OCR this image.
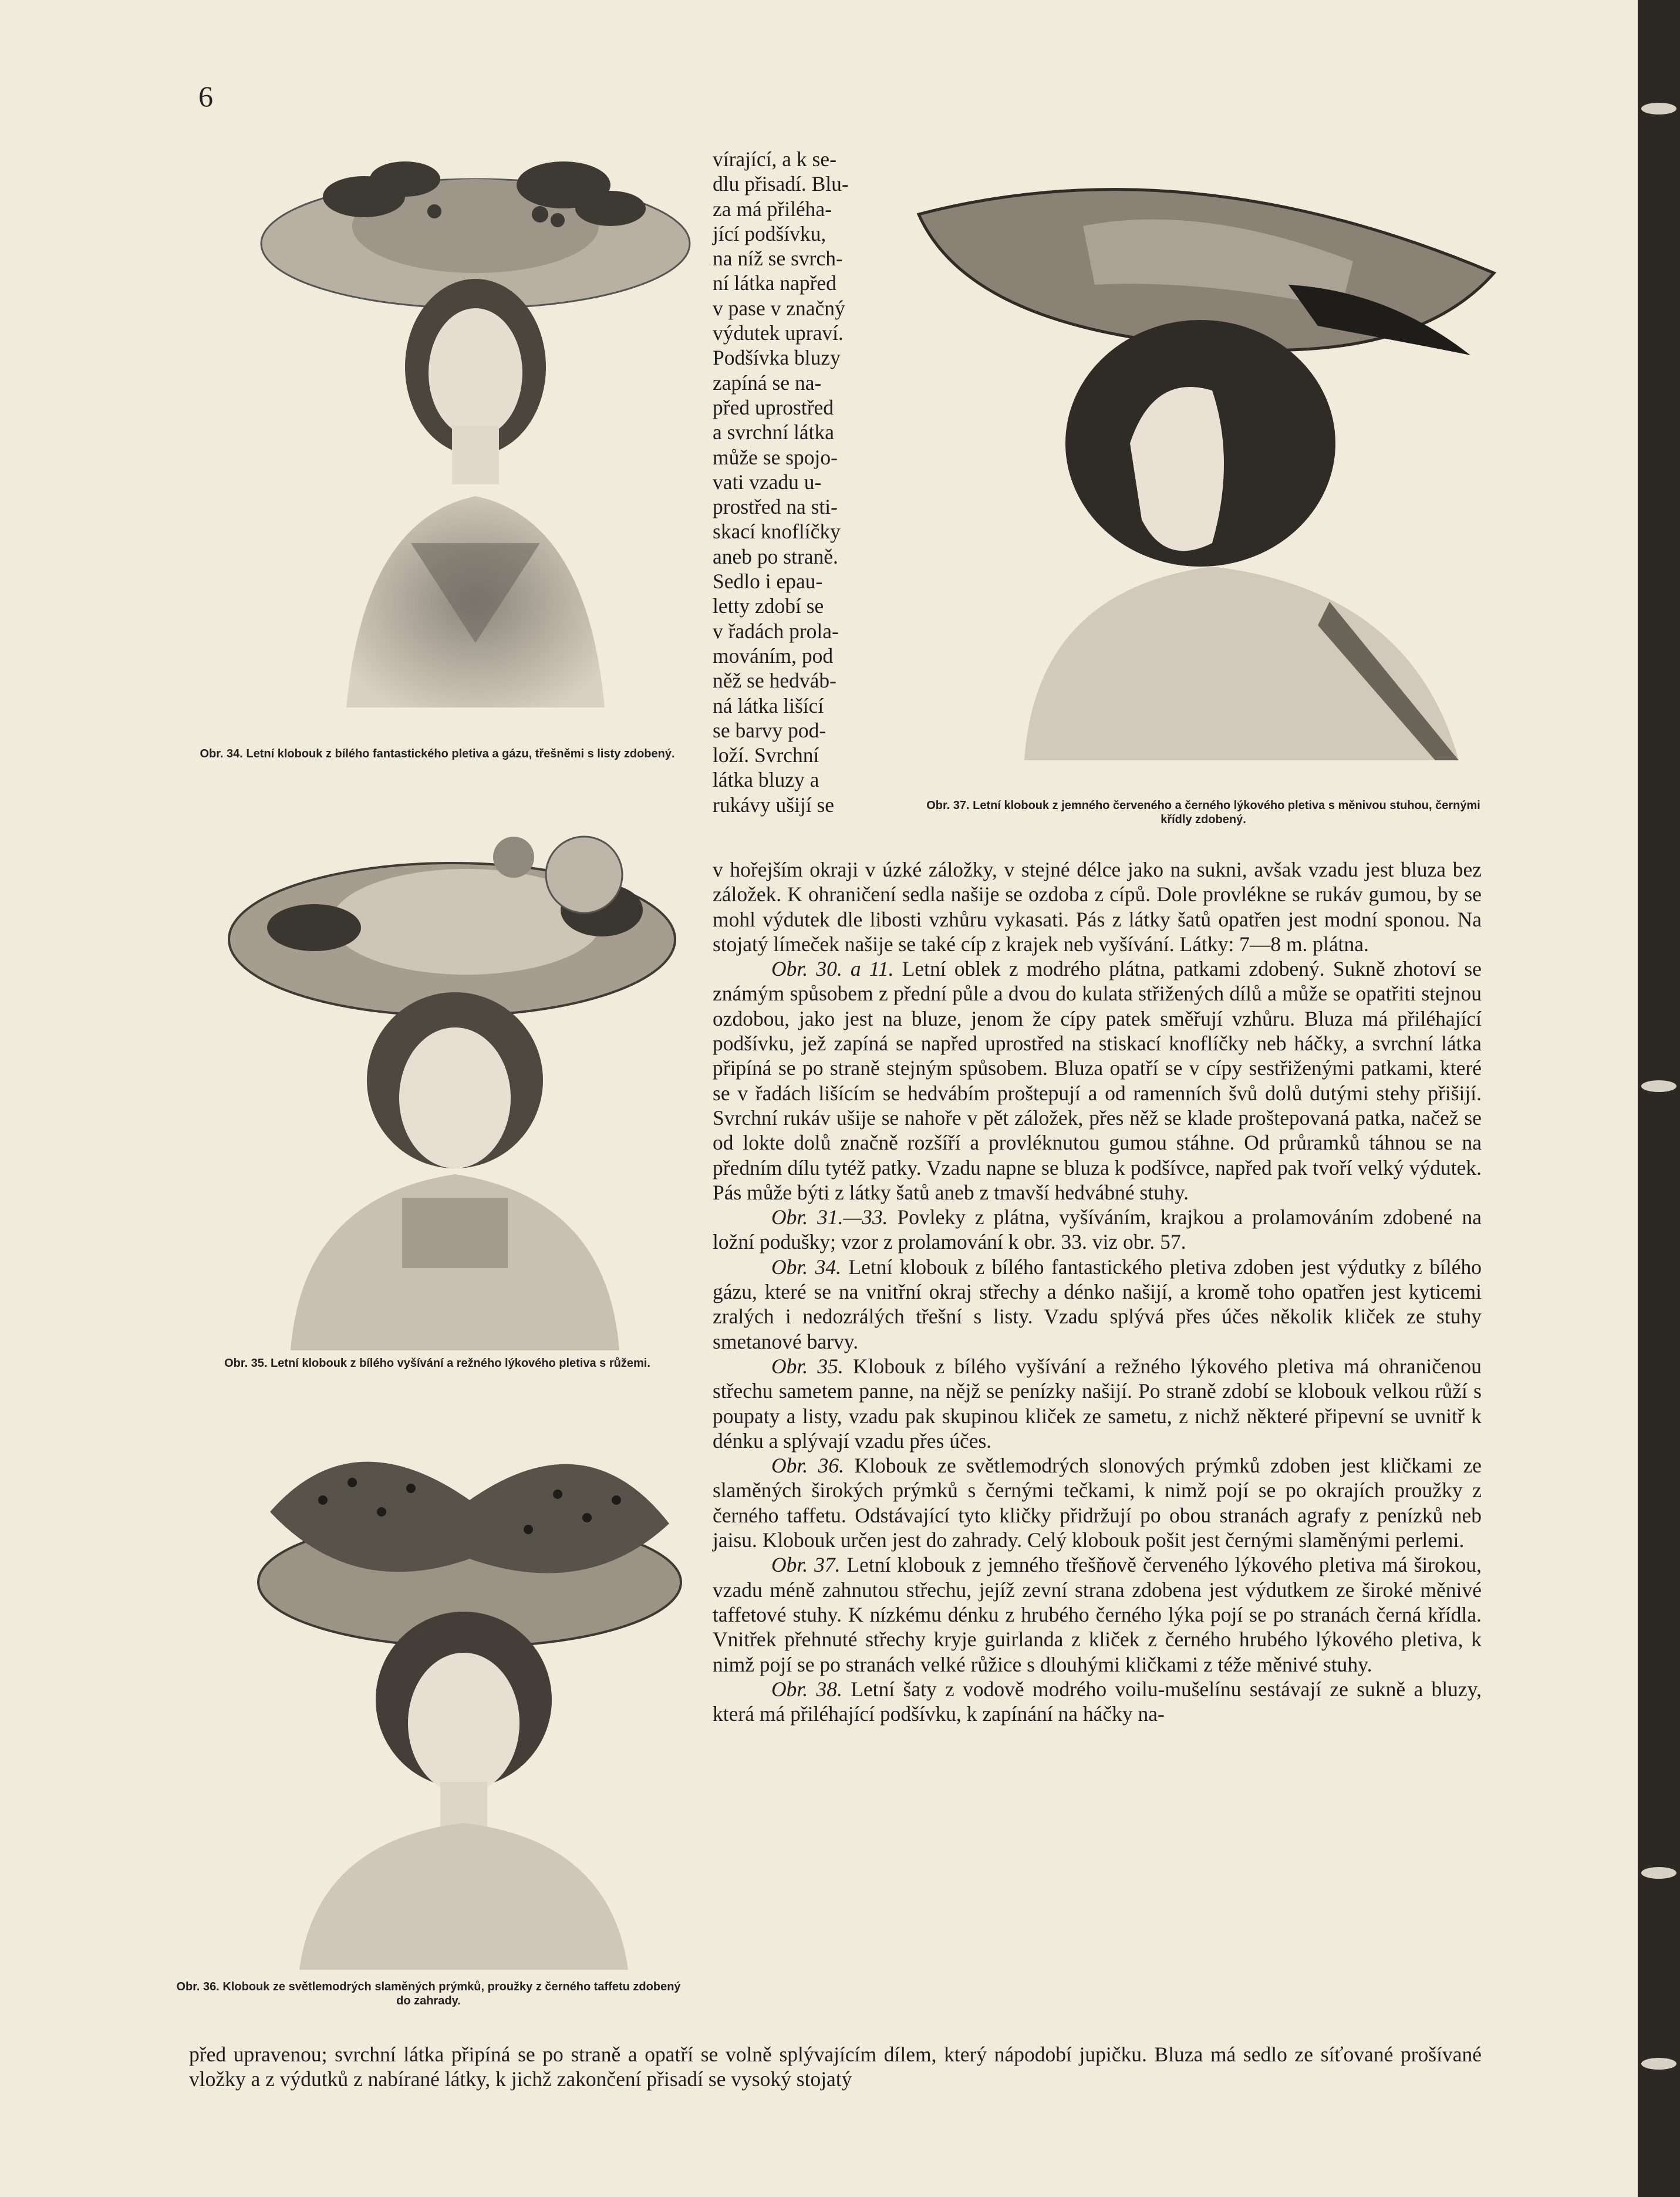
6
Obr. 34. Letní klobouk z bílého fantastického pletiva a gázu, třešněmi s listy zdobený.
Obr. 35. Letní klobouk z bílého vyšívání a režného lýkového pletiva s růžemi.
Obr. 36. Klobouk ze světlemodrých slaměných prýmků, proužky z černého taffetu zdobený do zahrady.
Obr. 37. Letní klobouk z jemného červeného a černého lýkového pletiva s měnivou stuhou, černými křídly zdobený.
vírající, a k se-
dlu přisadí. Blu-
za má přiléha-
jící podšívku,
na níž se svrch-
ní látka napřed
v pase v značný
výdutek upraví.
Podšívka bluzy
zapíná se na-
před uprostřed
a svrchní látka
může se spojo-
vati vzadu u-
prostřed na sti-
skací knoflíčky
aneb po straně.
Sedlo i epau-
letty zdobí se
v řadách prola-
mováním, pod
něž se hedváb-
ná látka lišící
se barvy pod-
loží. Svrchní
látka bluzy a
rukávy ušijí se

v hořejším okraji v úzké záložky, v stejné délce jako na sukni, avšak vzadu jest bluza bez záložek. K ohraničení sedla našije se ozdoba z cípů. Dole provlékne se rukáv gumou, by se mohl výdutek dle libosti vzhůru vykasati. Pás z látky šatů opatřen jest modní sponou. Na stojatý límeček našije se také cíp z krajek neb vyšívání. Látky: 7—8 m. plátna.

Obr. 30. a 11. Letní oblek z modrého plátna, patkami zdobený. Sukně zhotoví se známým spůsobem z přední půle a dvou do kulata střižených dílů a může se opatřiti stejnou ozdobou, jako jest na bluze, jenom že cípy patek směřují vzhůru. Bluza má přiléhající podšívku, jež zapíná se napřed uprostřed na stiskací knoflíčky neb háčky, a svrchní látka připíná se po straně stejným spůsobem. Bluza opatří se v cípy sestřiženými patkami, které se v řadách lišícím se hedvábím proštepují a od ramenních švů dolů dutými stehy přišijí. Svrchní rukáv ušije se nahoře v pět záložek, přes něž se klade proštepovaná patka, načež se od lokte dolů značně rozšíří a provléknutou gumou stáhne. Od průramků táhnou se na předním dílu tytéž patky. Vzadu napne se bluza k podšívce, napřed pak tvoří velký výdutek. Pás může býti z látky šatů aneb z tmavší hedvábné stuhy.

Obr. 31.—33. Povleky z plátna, vyšíváním, krajkou a prolamováním zdobené na ložní podušky; vzor z prolamování k obr. 33. viz obr. 57.

Obr. 34. Letní klobouk z bílého fantastického pletiva zdoben jest výdutky z bílého gázu, které se na vnitřní okraj střechy a dénko našijí, a kromě toho opatřen jest kyticemi zralých i nedozrálých třešní s listy. Vzadu splývá přes účes několik kliček ze stuhy smetanové barvy.

Obr. 35. Klobouk z bílého vyšívání a režného lýkového pletiva má ohraničenou střechu sametem panne, na nějž se penízky našijí. Po straně zdobí se klobouk velkou růží s poupaty a listy, vzadu pak skupinou kliček ze sametu, z nichž některé připevní se uvnitř k dénku a splývají vzadu přes účes.

Obr. 36. Klobouk ze světlemodrých slonových prýmků zdoben jest kličkami ze slaměných širokých prýmků s černými tečkami, k nimž pojí se po okrajích proužky z černého taffetu. Odstávající tyto kličky přidržují po obou stranách agrafy z penízků neb jaisu. Klobouk určen jest do zahrady. Celý klobouk pošit jest černými slaměnými perlemi.

Obr. 37. Letní klobouk z jemného třešňově červeného lýkového pletiva má širokou, vzadu méně zahnutou střechu, jejíž zevní strana zdobena jest výdutkem ze široké měnivé taffetové stuhy. K nízkému dénku z hrubého černého lýka pojí se po stranách černá křídla. Vnitřek přehnuté střechy kryje guirlanda z kliček z černého hrubého lýkového pletiva, k nimž pojí se po stranách velké růžice s dlouhými kličkami z téže měnivé stuhy.

Obr. 38. Letní šaty z vodově modrého voilu-mušelínu sestávají ze sukně a bluzy, která má přiléhající podšívku, k zapínání na háčky na-

před upravenou; svrchní látka připíná se po straně a opatří se volně splývajícím dílem, který nápodobí jupičku. Bluza má sedlo ze síťované prošívané vložky a z výdutků z nabírané látky, k jichž zakončení přisadí se vysoký stojatý
